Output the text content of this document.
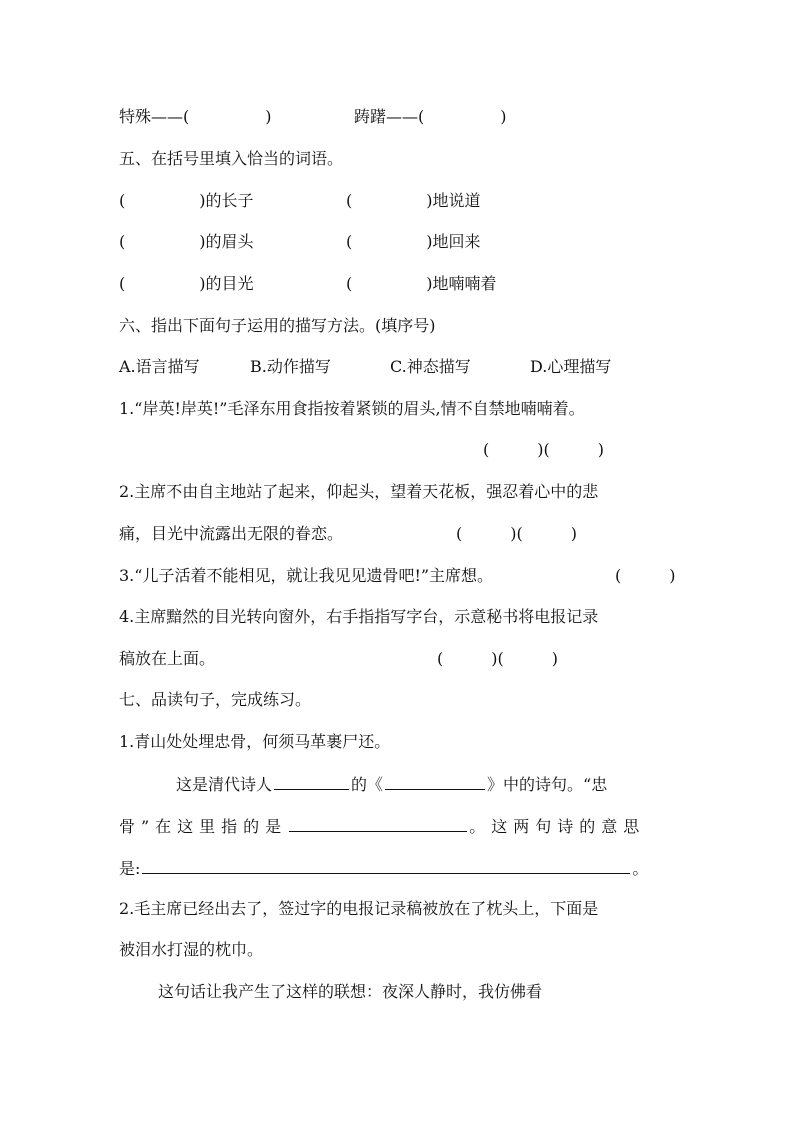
特殊——(	)	踌躇——(	)
五、在括号里填入恰当的词语。
(	)的长子	(	)地说道
(	)的眉头	(	)地回来
(	)的目光	(	)地喃喃着
六、指出下面句子运用的描写方法。(填序号)
A.语言描写	B.动作描写	C.神态描写	D.心理描写
1.“岸英!岸英!”毛泽东用食指按着紧锁的眉头,情不自禁地喃喃着。
(　　　)(　　　)
2.主席不由自主地站了起来，仰起头，望着天花板，强忍着心中的悲
痛，目光中流露出无限的眷恋。	(　　　)(　　　)
3.“儿子活着不能相见，就让我见见遗骨吧!”主席想。	(　　　)
4.主席黯然的目光转向窗外，右手指指写字台，示意秘书将电报记录
稿放在上面。	(　　　)(　　　)
七、品读句子，完成练习。
1.青山处处埋忠骨，何须马革裹尸还。
这是清代诗人	的《	》中的诗句。“忠
骨”在这里指的是	。这两句诗的意思
是:	。
2.毛主席已经出去了，签过字的电报记录稿被放在了枕头上，下面是
被泪水打湿的枕巾。
这句话让我产生了这样的联想：夜深人静时，我仿佛看
